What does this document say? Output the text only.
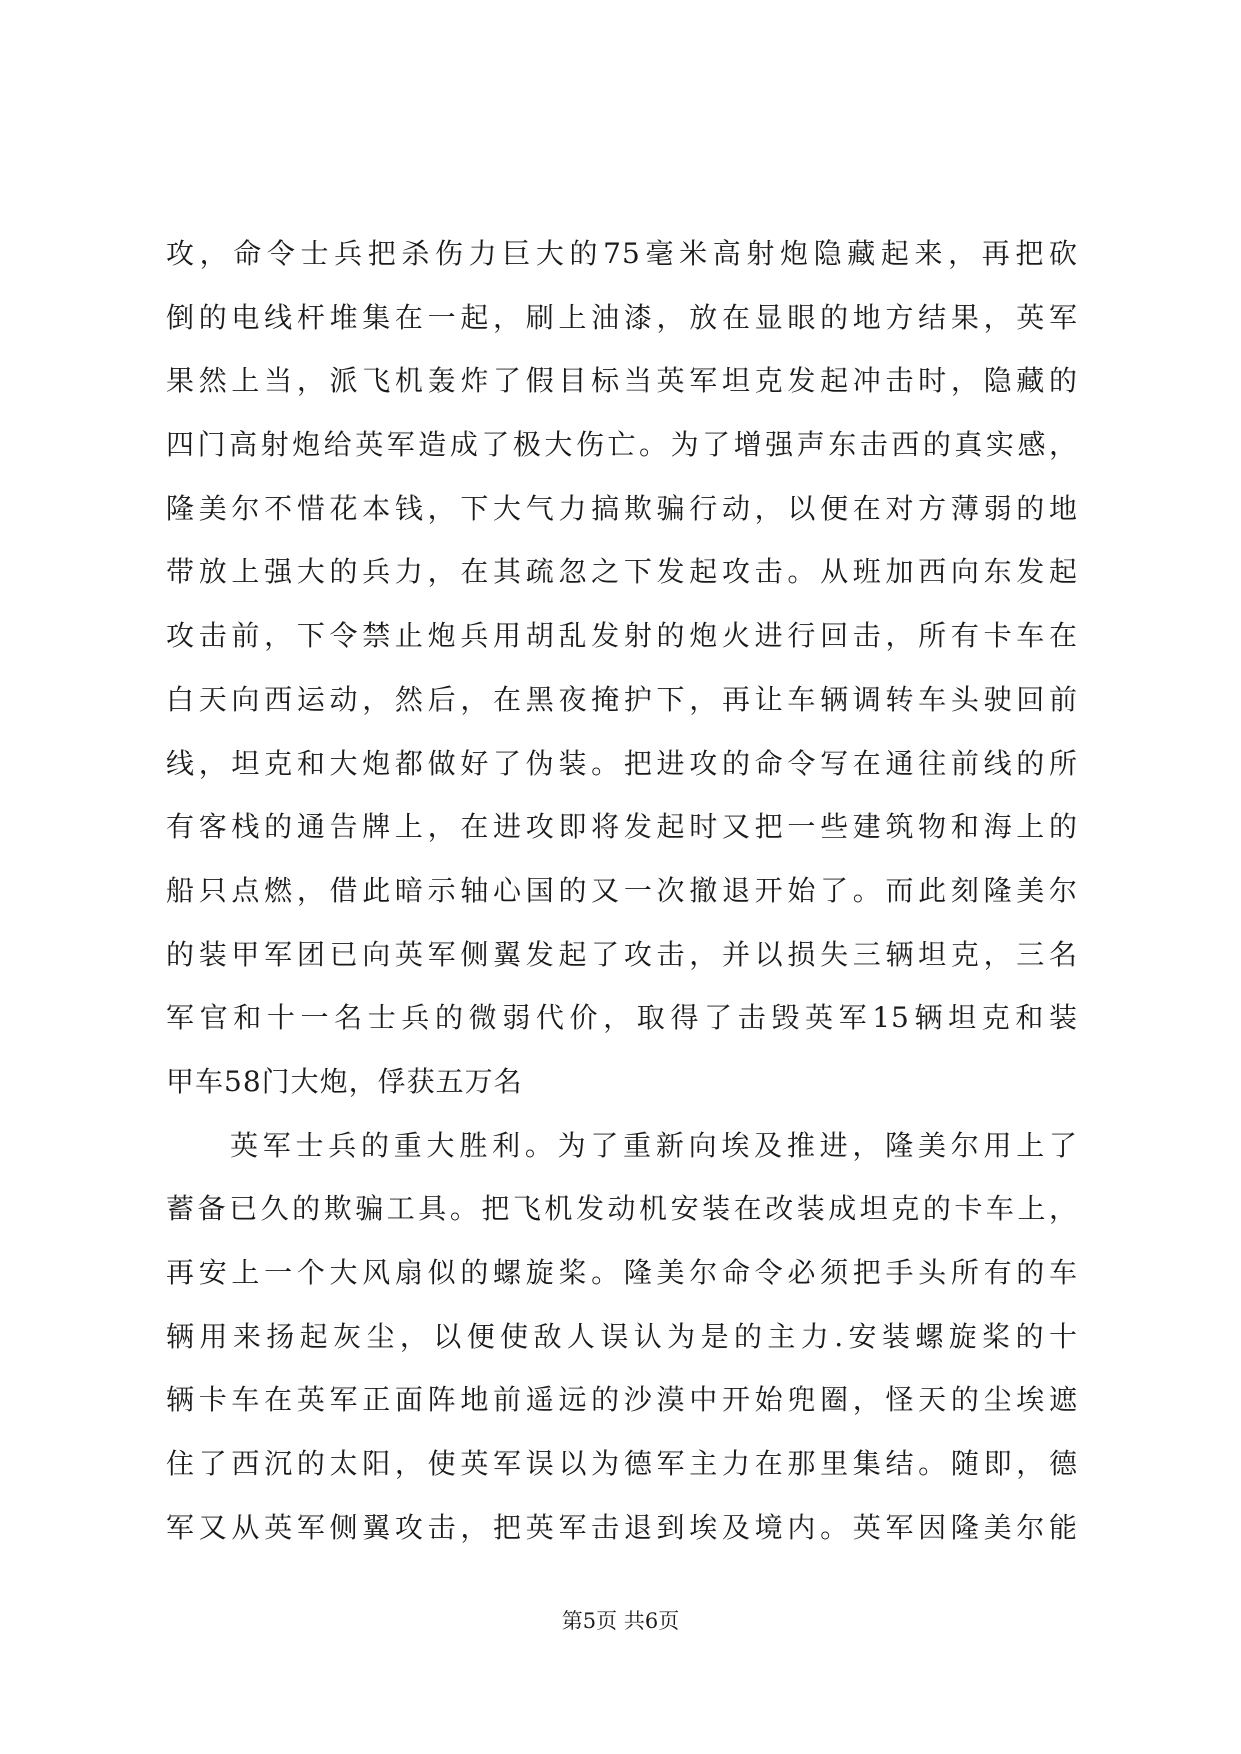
攻，命令士兵把杀伤力巨大的75毫米高射炮隐藏起来，再把砍
倒的电线杆堆集在一起，刷上油漆，放在显眼的地方结果，英军
果然上当，派飞机轰炸了假目标当英军坦克发起冲击时，隐藏的
四门高射炮给英军造成了极大伤亡。为了增强声东击西的真实感，
隆美尔不惜花本钱，下大气力搞欺骗行动，以便在对方薄弱的地
带放上强大的兵力，在其疏忽之下发起攻击。从班加西向东发起
攻击前，下令禁止炮兵用胡乱发射的炮火进行回击，所有卡车在
白天向西运动，然后，在黑夜掩护下，再让车辆调转车头驶回前
线，坦克和大炮都做好了伪装。把进攻的命令写在通往前线的所
有客栈的通告牌上，在进攻即将发起时又把一些建筑物和海上的
船只点燃，借此暗示轴心国的又一次撤退开始了。而此刻隆美尔
的装甲军团已向英军侧翼发起了攻击，并以损失三辆坦克，三名
军官和十一名士兵的微弱代价，取得了击毁英军15辆坦克和装
甲车58门大炮，俘获五万名
英军士兵的重大胜利。为了重新向埃及推进，隆美尔用上了
蓄备已久的欺骗工具。把飞机发动机安装在改装成坦克的卡车上，
再安上一个大风扇似的螺旋桨。隆美尔命令必须把手头所有的车
辆用来扬起灰尘，以便使敌人误认为是的主力.安装螺旋桨的十
辆卡车在英军正面阵地前遥远的沙漠中开始兜圈，怪天的尘埃遮
住了西沉的太阳，使英军误以为德军主力在那里集结。随即，德
军又从英军侧翼攻击，把英军击退到埃及境内。英军因隆美尔能
第5页 共6页
